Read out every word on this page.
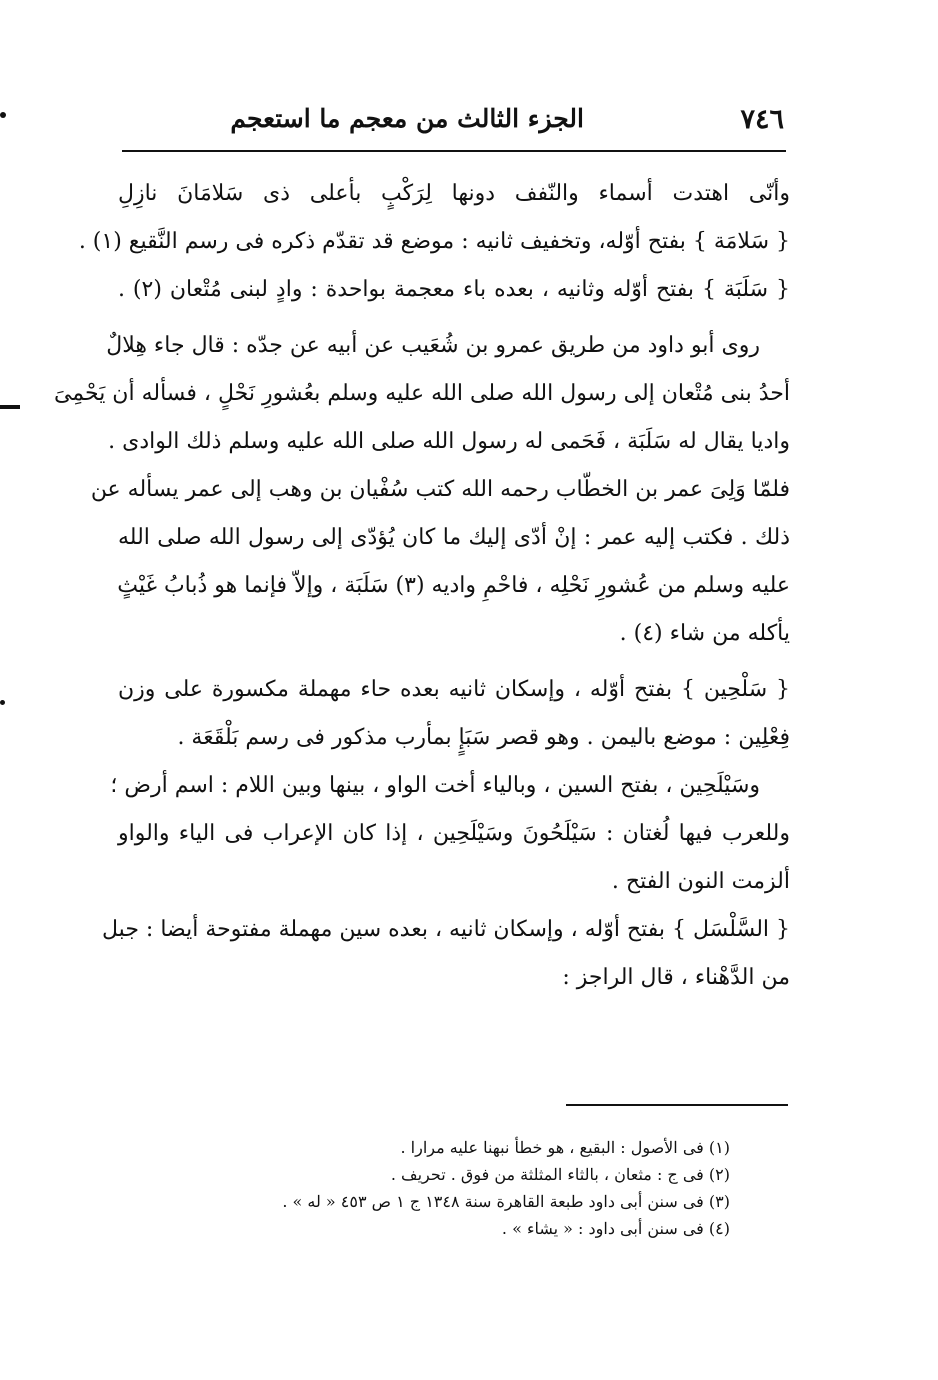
٧٤٦
الجزء الثالث من معجم ما استعجم
وأنّى اهتدت أسماء والنّفف دونها لِرَكْبٍ بأعلى ذى سَلامَانَ نازِلِ
{ سَلامَة } بفتح أوّله، وتخفيف ثانيه : موضع قد تقدّم ذكره فى رسم النَّقيع (١) .
{ سَلَبَة } بفتح أوّله وثانيه ، بعده باء معجمة بواحدة : وادٍ لبنى مُتْعان (٢) .
روى أبو داود من طريق عمرو بن شُعَيب عن أبيه عن جدّه : قال جاء هِلالٌ
أحدُ بنى مُتْعان إلى رسول الله صلى الله عليه وسلم بعُشورِ نَحْلٍ ، فسأله أن يَحْمِىَ
واديا يقال له سَلَبَة ، فَحَمى له رسول الله صلى الله عليه وسلم ذلك الوادى .
فلمّا وَلِىَ عمر بن الخطّاب رحمه الله كتب سُفْيان بن وهب إلى عمر يسأله عن
ذلك . فكتب إليه عمر : إنْ أدّى إليك ما كان يُؤدّى إلى رسول الله صلى الله
عليه وسلم من عُشورِ نَحْلِه ، فاحْمِ واديه (٣) سَلَبَة ، وإلاّ فإنما هو ذُبابُ غَيْثٍ
يأكله من شاء (٤) .
{ سَلْحِين } بفتح أوّله ، وإسكان ثانيه بعده حاء مهملة مكسورة على وزن
فِعْلِين : موضع باليمن . وهو قصر سَبَإٍ بمأرب مذكور فى رسم بَلْقَعَة .
وسَيْلَحِين ، بفتح السين ، وبالياء أخت الواو ، بينها وبين اللام : اسم أرض ؛
وللعرب فيها لُغتان : سَيْلَحُونَ وسَيْلَحِين ، إذا كان الإعراب فى الياء والواو
ألزمت النون الفتح .
{ السَّلْسَل } بفتح أوّله ، وإسكان ثانيه ، بعده سين مهملة مفتوحة أيضا : جبل
من الدَّهْناء ، قال الراجز :
(١) فى الأصول : البقيع ، هو خطأ نبهنا عليه مرارا .
(٢) فى ج : مثعان ، بالثاء المثلثة من فوق . تحريف .
(٣) فى سنن أبى داود طبعة القاهرة سنة ١٣٤٨ ج ١ ص ٤٥٣ « له » .
(٤) فى سنن أبى داود : « يشاء » .
